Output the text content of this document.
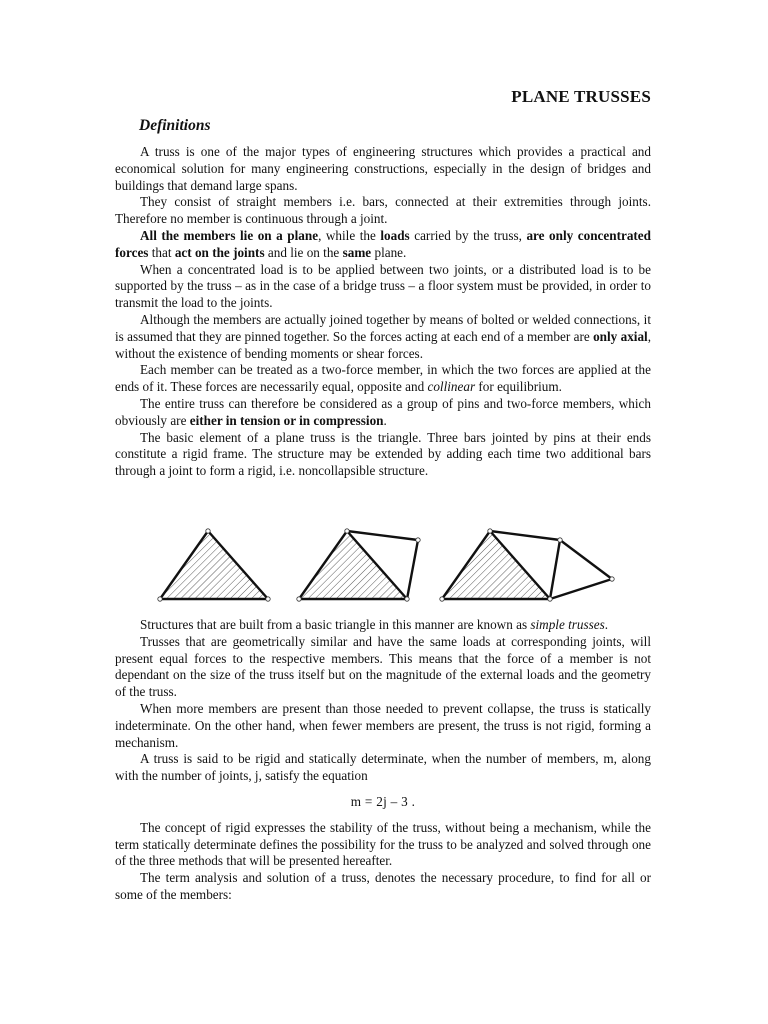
PLANE TRUSSES
Definitions

A truss is one of the major types of engineering structures which provides a practical and economical solution for many engineering constructions, especially in the design of bridges and buildings that demand large spans.

They consist of straight members i.e. bars, connected at their extremities through joints. Therefore no member is continuous through a joint.

All the members lie on a plane, while the loads carried by the truss, are only concentrated forces that act on the joints and lie on the same plane.

When a concentrated load is to be applied between two joints, or a distributed load is to be supported by the truss – as in the case of a bridge truss – a floor system must be provided, in order to transmit the load to the joints.

Although the members are actually joined together by means of bolted or welded connections, it is assumed that they are pinned together. So the forces acting at each end of a member are only axial, without the existence of bending moments or shear forces.

Each member can be treated as a two-force member, in which the two forces are applied at the ends of it. These forces are necessarily equal, opposite and collinear for equilibrium.

The entire truss can therefore be considered as a group of pins and two-force members, which obviously are either in tension or in compression.

The basic element of a plane truss is the triangle. Three bars jointed by pins at their ends constitute a rigid frame. The structure may be extended by adding each time two additional bars through a joint to form a rigid, i.e. noncollapsible structure.

Structures that are built from a basic triangle in this manner are known as simple trusses.

Trusses that are geometrically similar and have the same loads at corresponding joints, will present equal forces to the respective members. This means that the force of a member is not dependant on the size of the truss itself but on the magnitude of the external loads and the geometry of the truss.

When more members are present than those needed to prevent collapse, the truss is statically indeterminate. On the other hand, when fewer members are present, the truss is not rigid, forming a mechanism.

A truss is said to be rigid and statically determinate, when the number of members, m, along with the number of joints, j, satisfy the equation

m = 2j – 3 .

The concept of rigid expresses the stability of the truss, without being a mechanism, while the term statically determinate defines the possibility for the truss to be analyzed and solved through one of the three methods that will be presented hereafter.

The term analysis and solution of a truss, denotes the necessary procedure, to find for all or some of the members:
